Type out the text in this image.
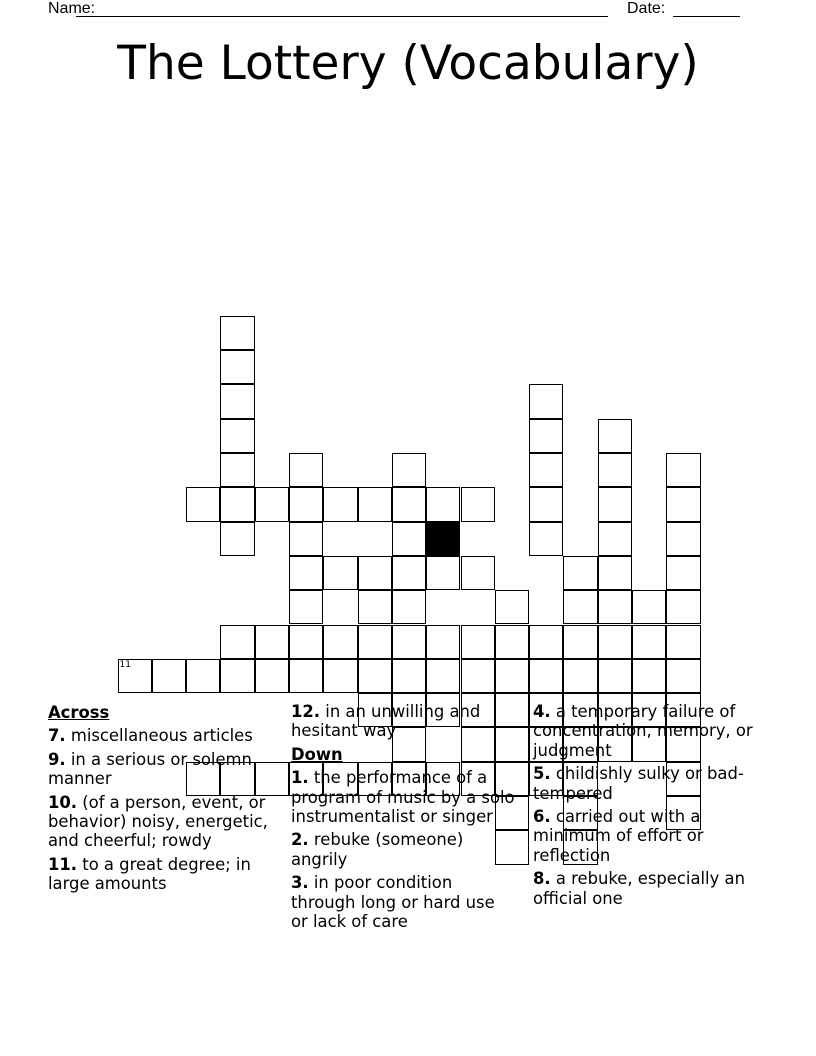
Name:	Date:
The Lottery (Vocabulary)
11
Across
7. miscellaneous articles
9. in a serious or solemn manner
10. (of a person, event, or behavior) noisy, energetic, and cheerful; rowdy
11. to a great degree; in large amounts
12. in an unwilling and hesitant way
Down
1. the performance of a program of music by a solo instrumentalist or singer
2. rebuke (someone) angrily
3. in poor condition through long or hard use or lack of care
4. a temporary failure of concentration, memory, or judgment
5. childishly sulky or bad-tempered
6. carried out with a minimum of effort or reflection
8. a rebuke, especially an official one
